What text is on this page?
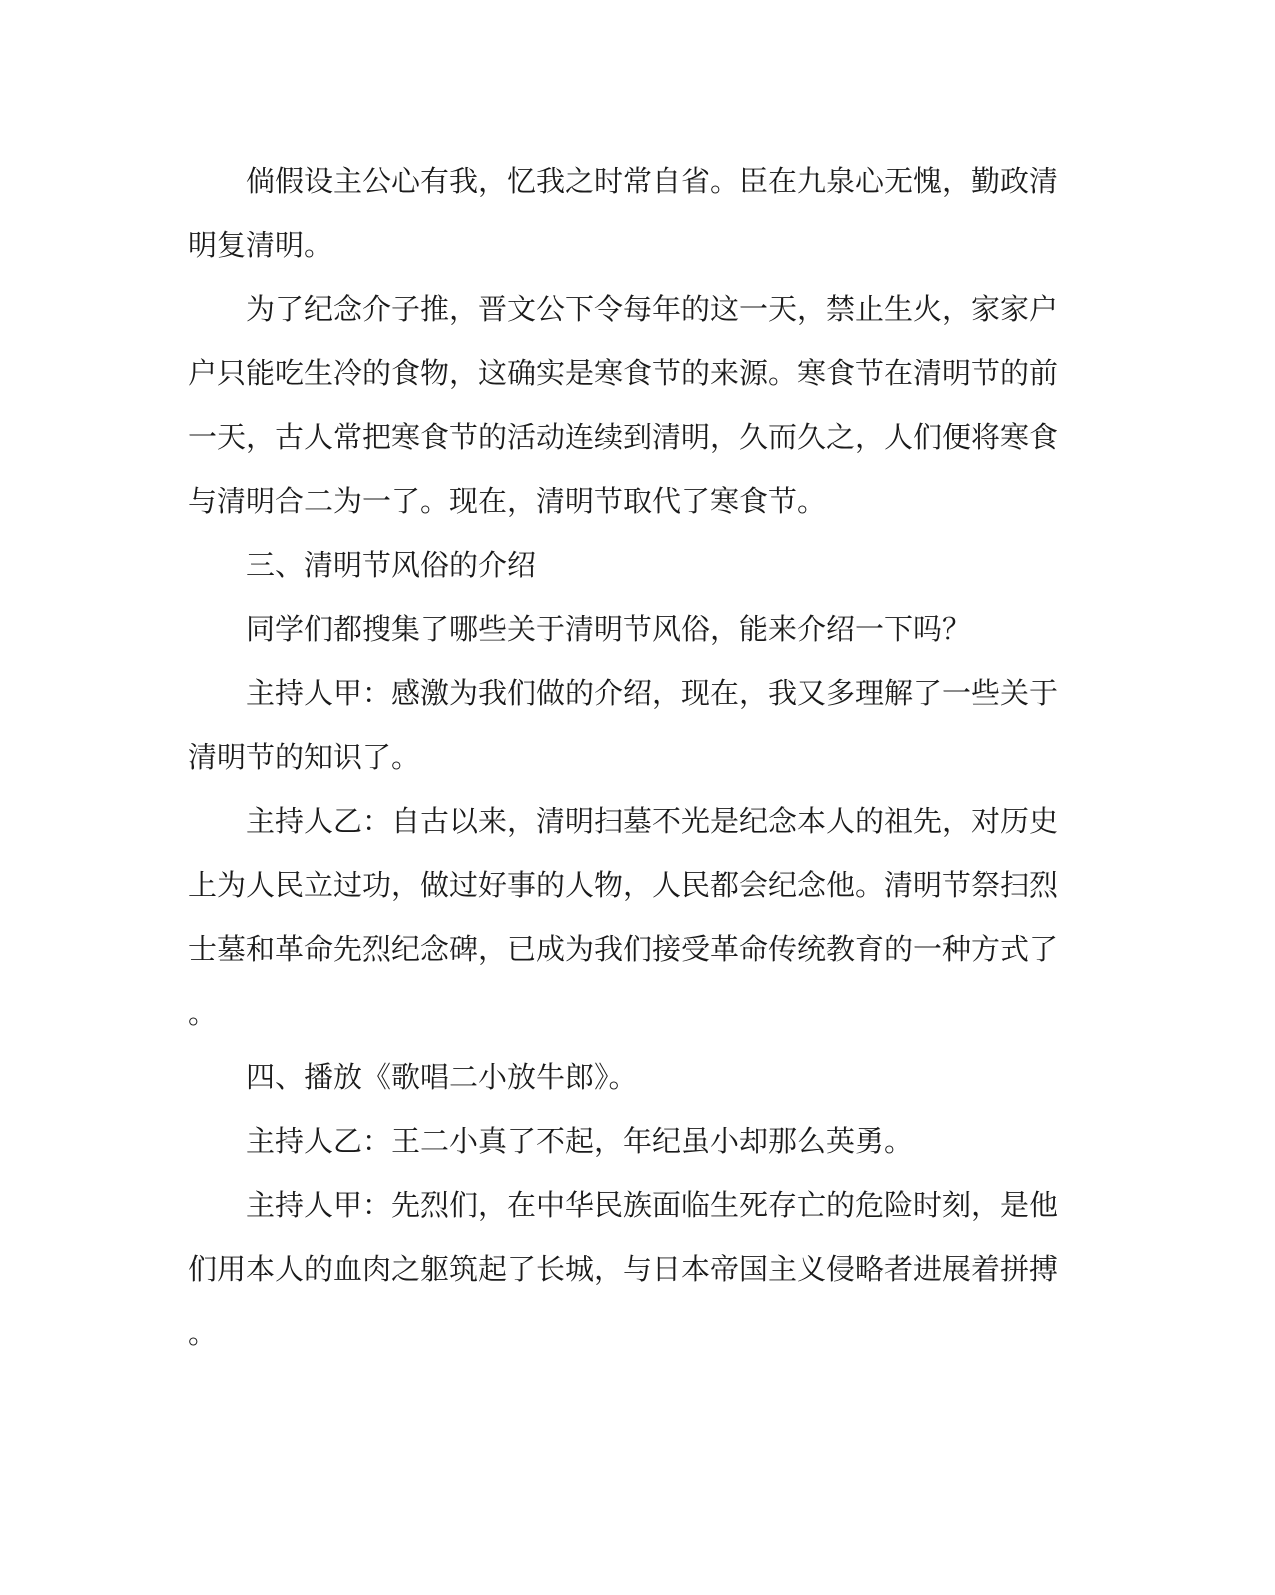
倘假设主公心有我，忆我之时常自省。臣在九泉心无愧，勤政清
明复清明。
为了纪念介子推，晋文公下令每年的这一天，禁止生火，家家户
户只能吃生冷的食物，这确实是寒食节的来源。寒食节在清明节的前
一天，古人常把寒食节的活动连续到清明，久而久之，人们便将寒食
与清明合二为一了。现在，清明节取代了寒食节。
三、清明节风俗的介绍
同学们都搜集了哪些关于清明节风俗，能来介绍一下吗？
主持人甲：感激为我们做的介绍，现在，我又多理解了一些关于
清明节的知识了。
主持人乙：自古以来，清明扫墓不光是纪念本人的祖先，对历史
上为人民立过功，做过好事的人物，人民都会纪念他。清明节祭扫烈
士墓和革命先烈纪念碑，已成为我们接受革命传统教育的一种方式了
。
四、播放《歌唱二小放牛郎》。
主持人乙：王二小真了不起，年纪虽小却那么英勇。
主持人甲：先烈们，在中华民族面临生死存亡的危险时刻，是他
们用本人的血肉之躯筑起了长城，与日本帝国主义侵略者进展着拼搏
。
